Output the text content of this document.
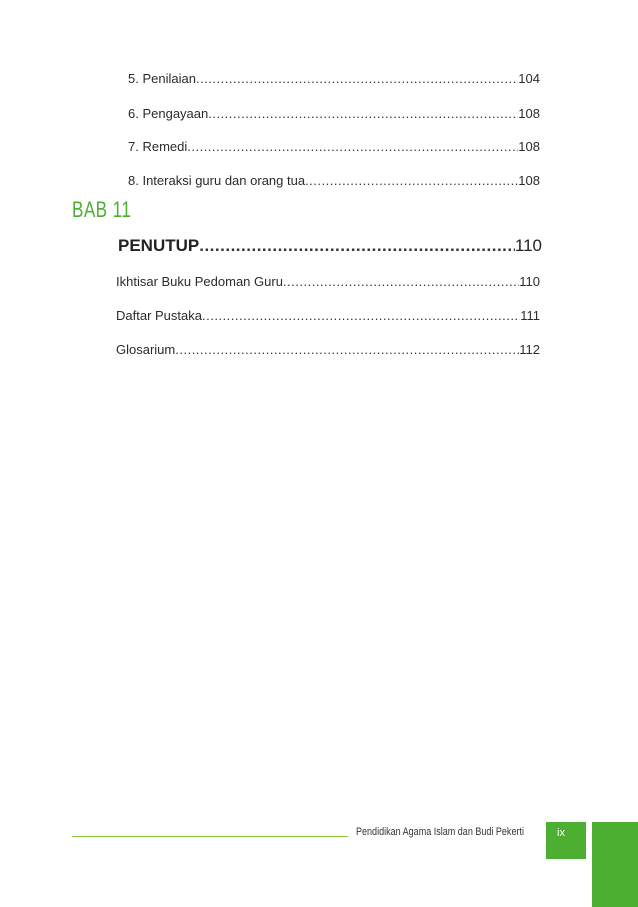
5. Penilaian .....	104
6. Pengayaan .....	108
7. Remedi .....	108
8. Interaksi guru dan orang tua .....	108
BAB 11
PENUTUP .....	110
Ikhtisar Buku Pedoman Guru .....	110
Daftar Pustaka .....	111
Glosarium .....	112
Pendidikan Agama Islam dan Budi Pekerti	ix
